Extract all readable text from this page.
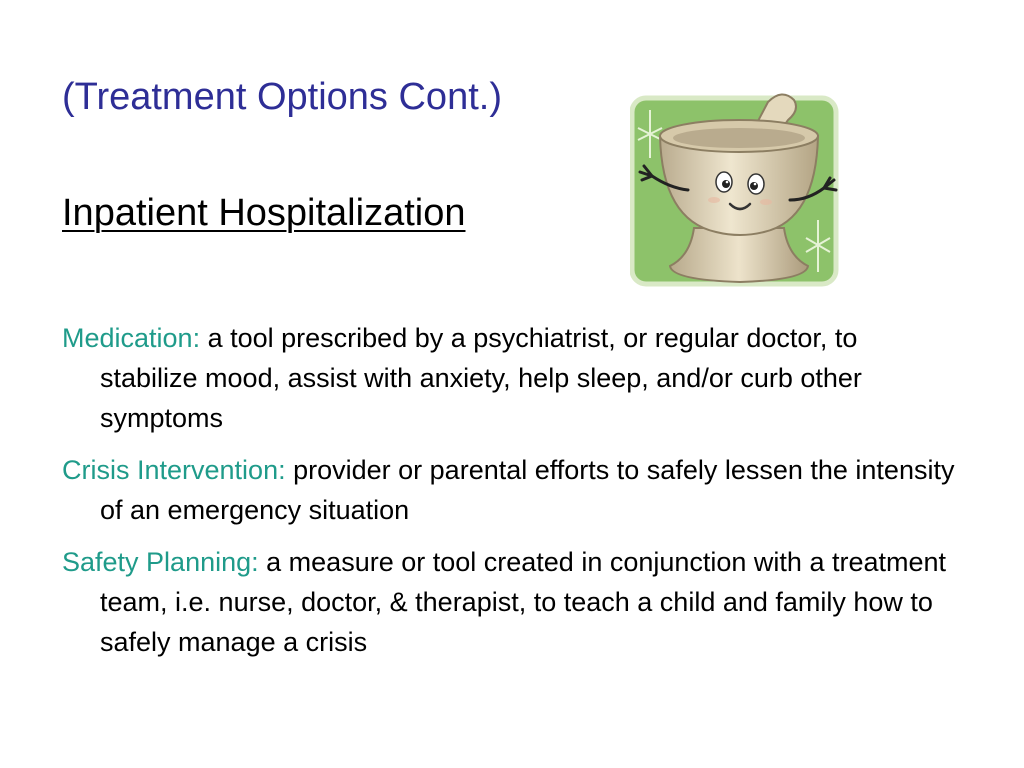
(Treatment Options Cont.)
Inpatient Hospitalization
Medication: a tool prescribed by a psychiatrist, or regular doctor, to stabilize mood, assist with anxiety, help sleep, and/or curb other symptoms
Crisis Intervention: provider or parental efforts to safely lessen the intensity of an emergency situation
Safety Planning: a measure or tool created in conjunction with a treatment team, i.e. nurse, doctor, & therapist, to teach a child and family how to safely manage a crisis
